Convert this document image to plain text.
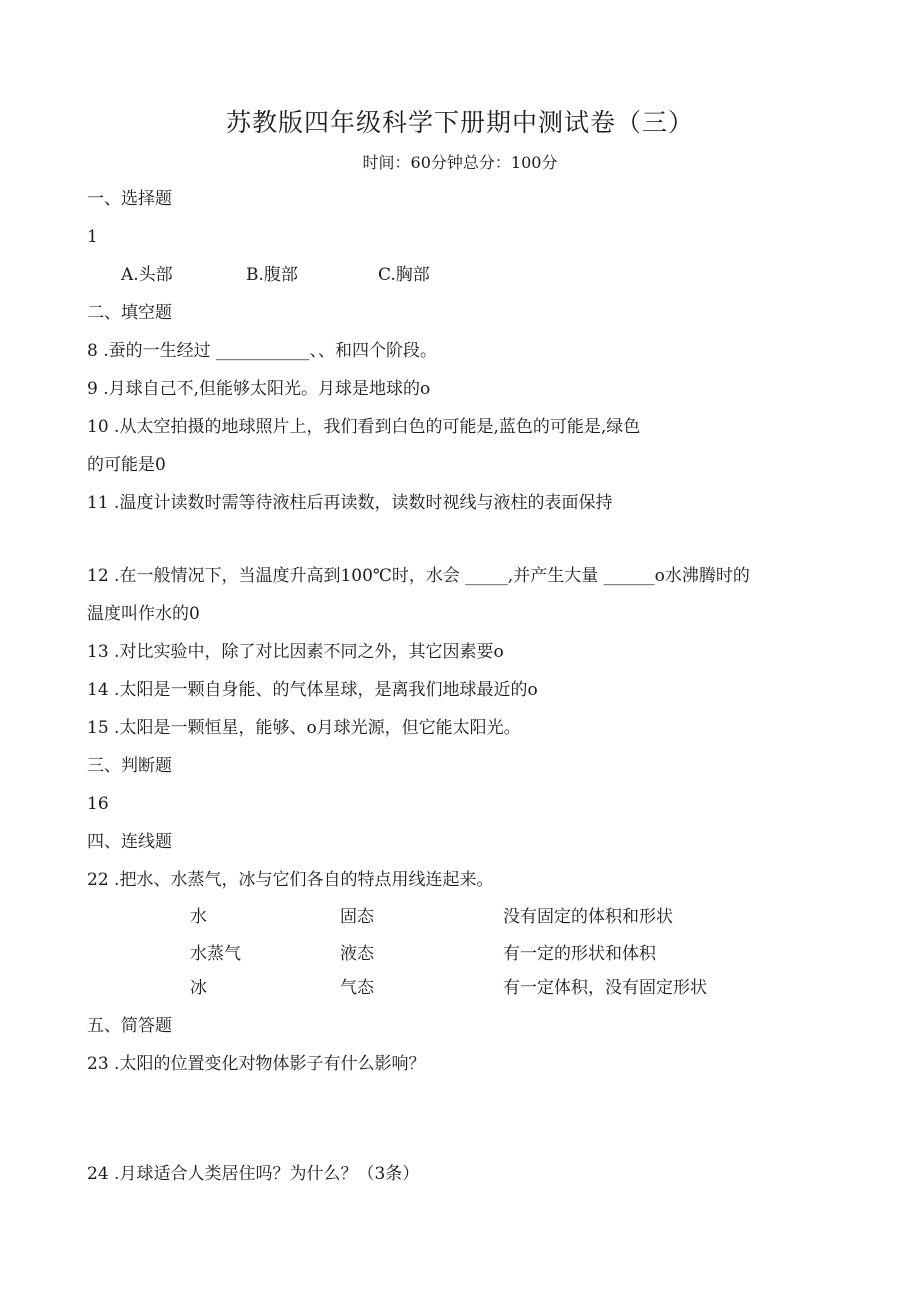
苏教版四年级科学下册期中测试卷（三）
时间：60分钟总分：100分
一、选择题
1
A.头部	B.腹部	C.胸部
二、填空题
8 .蚕的一生经过 ___________、、和四个阶段。
9 .月球自己不,但能够太阳光。月球是地球的o
10 .从太空拍摄的地球照片上，我们看到白色的可能是,蓝色的可能是,绿色
的可能是0
11 .温度计读数时需等待液柱后再读数，读数时视线与液柱的表面保持
12 .在一般情况下，当温度升高到100℃时，水会 _____,并产生大量 ______o水沸腾时的
温度叫作水的0
13 .对比实验中，除了对比因素不同之外，其它因素要o
14 .太阳是一颗自身能、的气体星球，是离我们地球最近的o
15 .太阳是一颗恒星，能够、o月球光源，但它能太阳光。
三、判断题
16
四、连线题
22 .把水、水蒸气，冰与它们各自的特点用线连起来。
水	固态	没有固定的体积和形状
水蒸气	液态	有一定的形状和体积
冰	气态	有一定体积，没有固定形状
五、简答题
23 .太阳的位置变化对物体影子有什么影响？
24 .月球适合人类居住吗？为什么？（3条）
